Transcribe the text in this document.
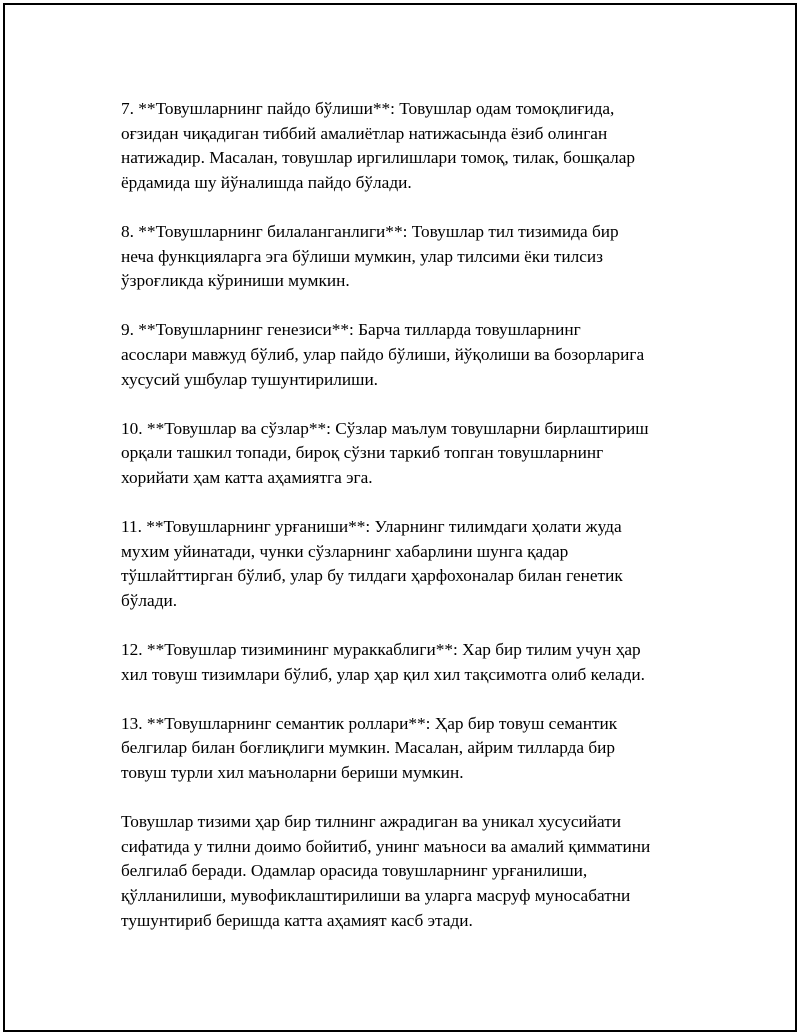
7. **Товушларнинг пайдо бўлиши**: Товушлар одам томоқлиғида,
оғзидан чиқадиган тиббий амалиётлар натижасында ёзиб олинган
натижадир. Масалан, товушлар иргилишлари томоқ, тилак, бошқалар
ёрдамида шу йўналишда пайдо бўлади.

8. **Товушларнинг билаланганлиги**: Товушлар тил тизимида бир
неча функцияларга эга бўлиши мумкин, улар тилсими ёки тилсиз
ўзроғликда кўриниши мумкин.

9. **Товушларнинг генезиси**: Барча тилларда товушларнинг
асослари мавжуд бўлиб, улар пайдо бўлиши, йўқолиши ва бозорларига
хусусий ушбулар тушунтирилиши.

10. **Товушлар ва сўзлар**: Сўзлар маълум товушларни бирлаштириш
орқали ташкил топади, бироқ сўзни таркиб топган товушларнинг
хорийати ҳам катта аҳамиятга эга.

11. **Товушларнинг урғаниши**: Уларнинг тилимдаги ҳолати жуда
мухим уйинатади, чунки сўзларнинг хабарлини шунга қадар
тўшлайттирган бўлиб, улар бу тилдаги ҳарфохоналар билан генетик
бўлади.

12. **Товушлар тизимининг мураккаблиги**: Хар бир тилим учун ҳар
хил товуш тизимлари бўлиб, улар ҳар қил хил тақсимотга олиб келади.

13. **Товушларнинг семантик роллари**: Ҳар бир товуш семантик
белгилар билан боғлиқлиги мумкин. Масалан, айрим тилларда бир
товуш турли хил маъноларни бериши мумкин.

Товушлар тизими ҳар бир тилнинг ажрадиган ва уникал хусусийати
сифатида у тилни доимо бойитиб, унинг маъноси ва амалий қимматини
белгилаб беради. Одамлар орасида товушларнинг урғанилиши,
қўлланилиши, мувофиклаштирилиши ва уларга масруф муносабатни
тушунтириб беришда катта аҳамият касб этади.
